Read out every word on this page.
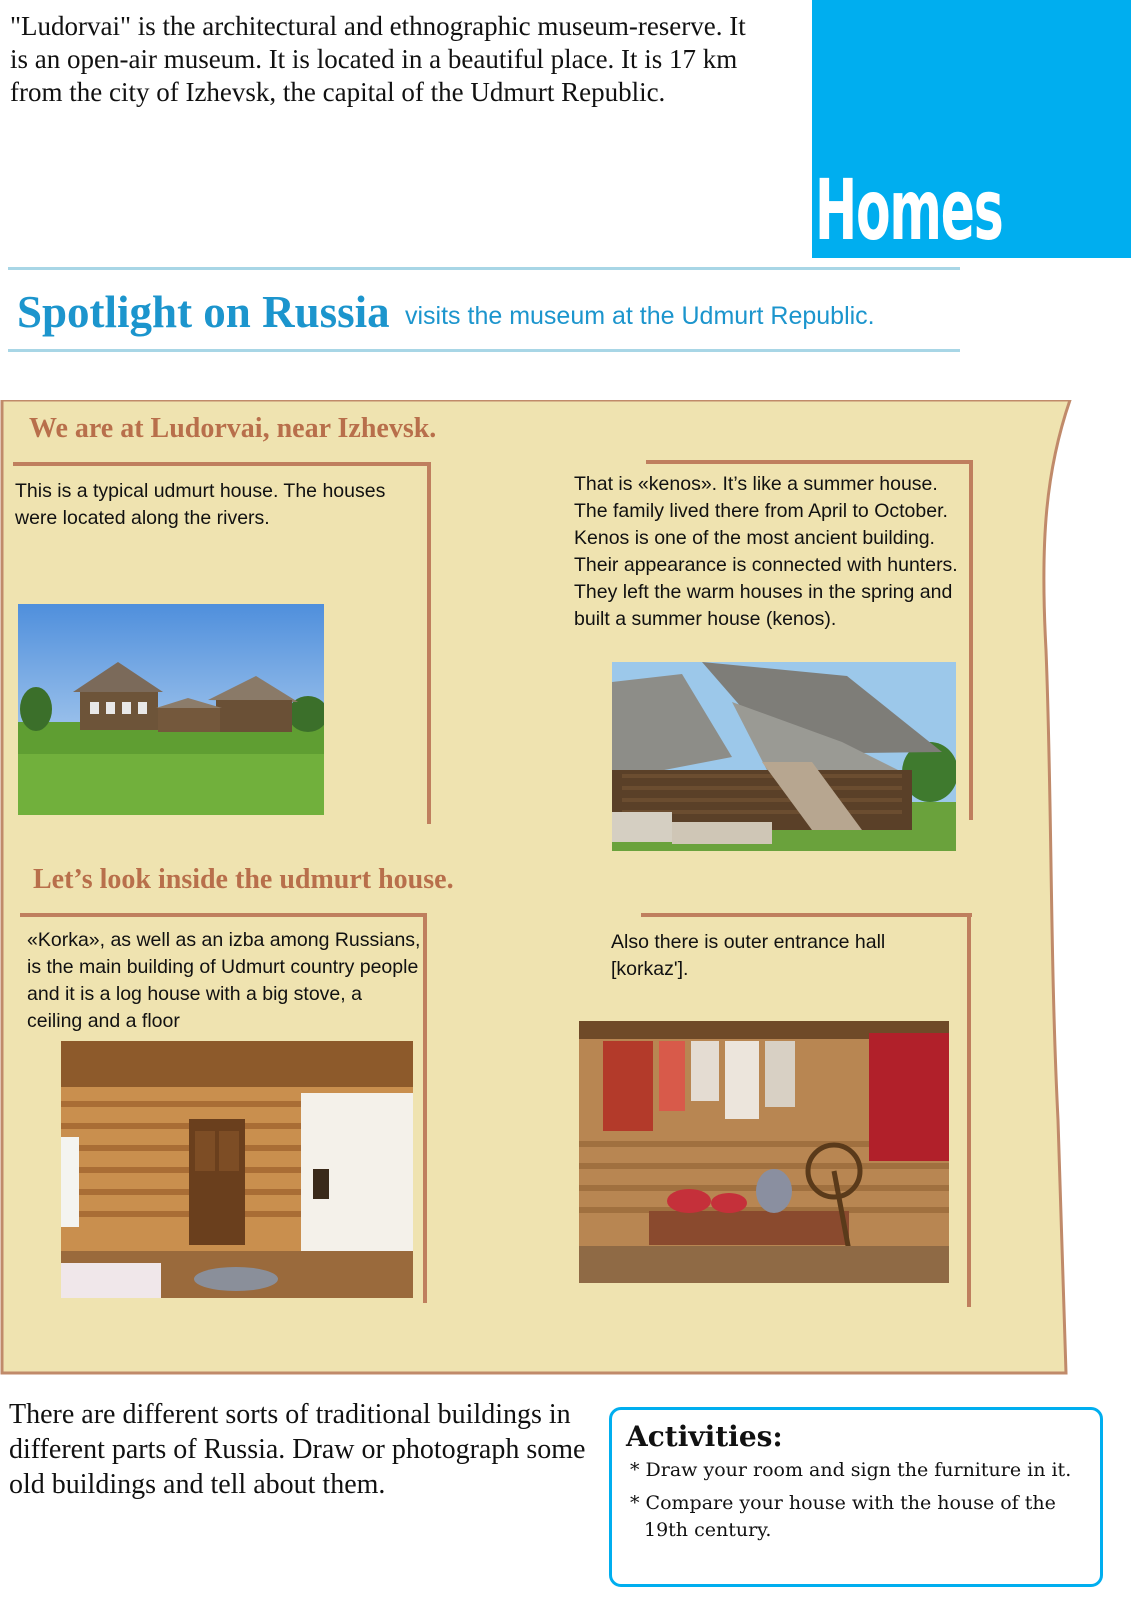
"Ludorvai" is the architectural and ethnographic museum-reserve. It is an open-air museum. It is located in a beautiful place. It is 17 km from the city of Izhevsk, the capital of the Udmurt Republic.
Homes
Spotlight on Russia visits the museum at the Udmurt Republic.
We are at Ludorvai, near Izhevsk.
Let’s look inside the udmurt house.
This is a typical udmurt house. The houses were located along the rivers.
That is «kenos». It’s like a summer house. The family lived there from April to October. Kenos is one of the most ancient building. Their appearance is connected with hunters. They left the warm houses in the spring and built a summer house (kenos).
«Korka», as well as an izba among Russians, is the main building of Udmurt country people and it is a log house with a big stove, a ceiling and a floor
Also there is outer entrance hall [korkaz'].
There are different sorts of traditional buildings in different parts of Russia. Draw or photograph some old buildings and tell about them.

Activities:

* Draw your room and sign the furniture in it.

* Compare your house with the house of the 19th century.
